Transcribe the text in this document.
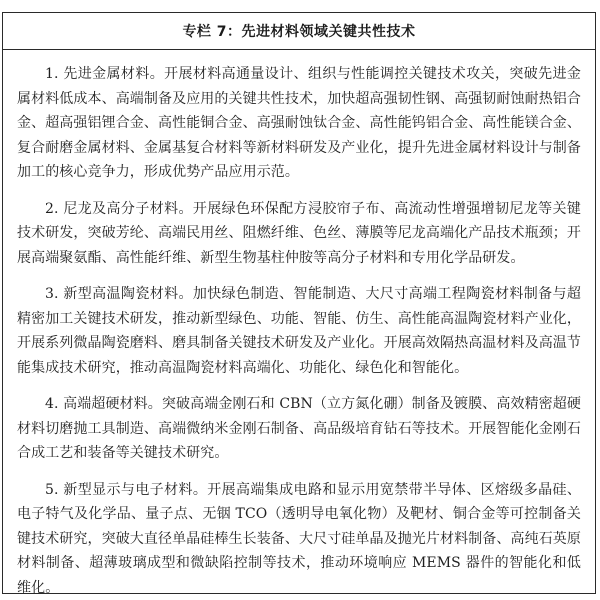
专栏 7：先进材料领域关键共性技术

1. 先进金属材料。开展材料高通量设计、组织与性能调控关键技术攻关，突破先进金属材料低成本、高端制备及应用的关键共性技术，加快超高强韧性钢、高强韧耐蚀耐热铝合金、超高强铝锂合金、高性能铜合金、高强耐蚀钛合金、高性能钨铝合金、高性能镁合金、复合耐磨金属材料、金属基复合材料等新材料研发及产业化，提升先进金属材料设计与制备加工的核心竞争力，形成优势产品应用示范。

2. 尼龙及高分子材料。开展绿色环保配方浸胶帘子布、高流动性增强增韧尼龙等关键技术研发，突破芳纶、高端民用丝、阻燃纤维、色丝、薄膜等尼龙高端化产品技术瓶颈；开展高端聚氨酯、高性能纤维、新型生物基柱仲胺等高分子材料和专用化学品研发。

3. 新型高温陶瓷材料。加快绿色制造、智能制造、大尺寸高端工程陶瓷材料制备与超精密加工关键技术研发，推动新型绿色、功能、智能、仿生、高性能高温陶瓷材料产业化，开展系列微晶陶瓷磨料、磨具制备关键技术研发及产业化。开展高效隔热高温材料及高温节能集成技术研究，推动高温陶瓷材料高端化、功能化、绿色化和智能化。

4. 高端超硬材料。突破高端金刚石和 CBN（立方氮化硼）制备及镀膜、高效精密超硬材料切磨抛工具制造、高端微纳米金刚石制备、高品级培育钻石等技术。开展智能化金刚石合成工艺和装备等关键技术研究。

5. 新型显示与电子材料。开展高端集成电路和显示用宽禁带半导体、区熔级多晶硅、电子特气及化学品、量子点、无铟 TCO（透明导电氧化物）及靶材、铜合金等可控制备关键技术研究，突破大直径单晶硅棒生长装备、大尺寸硅单晶及抛光片材料制备、高纯石英原材料制备、超薄玻璃成型和微缺陷控制等技术，推动环境响应 MEMS 器件的智能化和低维化。
